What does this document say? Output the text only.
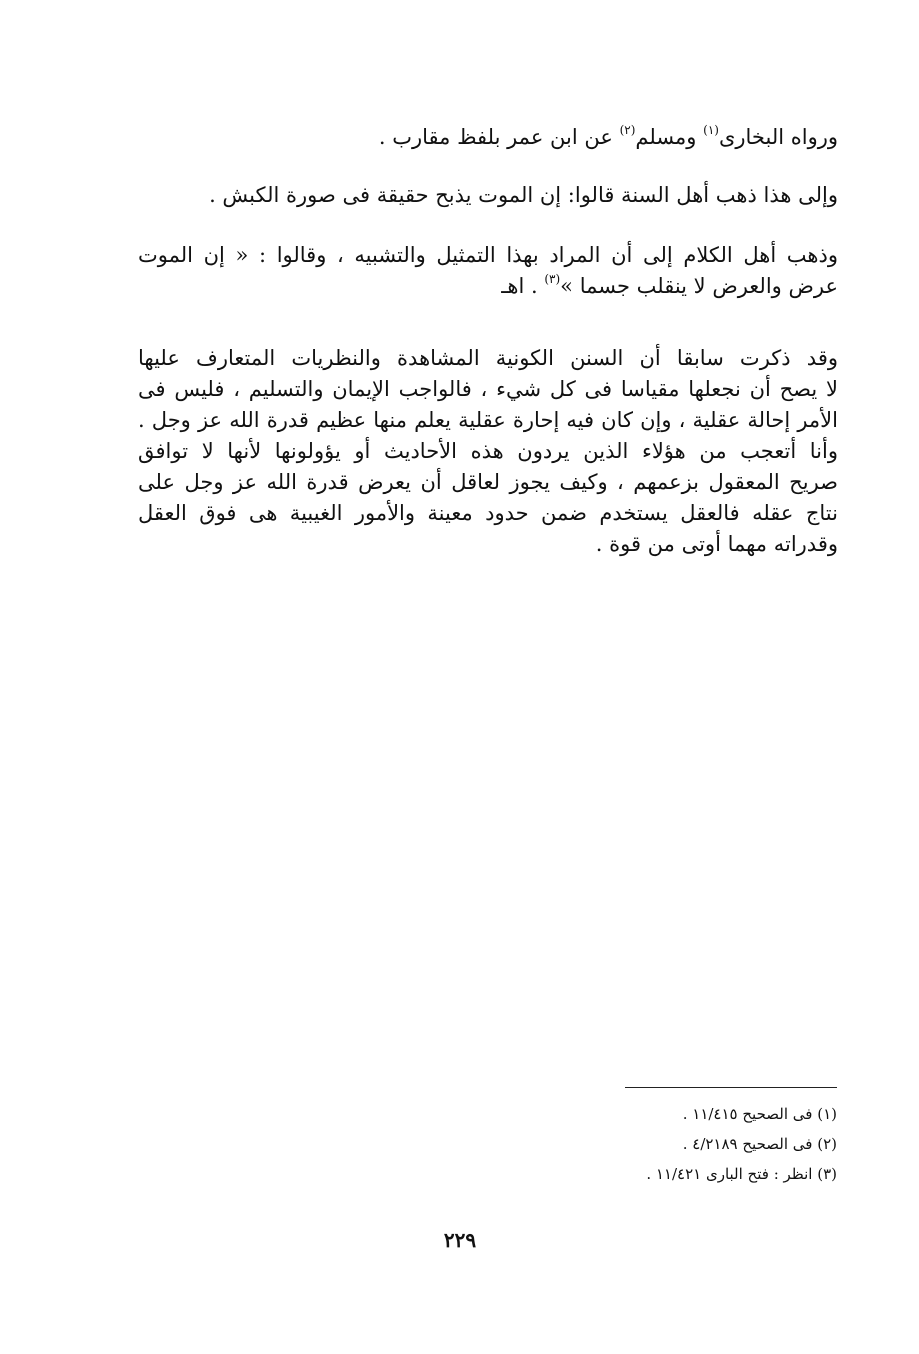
ورواه البخارى$^{(١)}$ ومسلم$^{(٢)}$ عن ابن عمر بلفظ مقارب .

وإلى هذا ذهب أهل السنة قالوا: إن الموت يذبح حقيقة فى صورة الكبش .

وذهب أهل الكلام إلى أن المراد بهذا التمثيل والتشبيه ، وقالوا : « إن الموت عرض والعرض لا ينقلب جسما »$^{(٣)}$ . اهـ

وقد ذكرت سابقا أن السنن الكونية المشاهدة والنظريات المتعارف عليها
لا يصح أن نجعلها مقياسا فى كل شيء ، فالواجب الإيمان والتسليم ، فليس فى
الأمر إحالة عقلية ، وإن كان فيه إحارة عقلية يعلم منها عظيم قدرة الله عز وجل .
وأنا أتعجب من هؤلاء الذين يردون هذه الأحاديث أو يؤولونها لأنها لا توافق
صريح المعقول بزعمهم ، وكيف يجوز لعاقل أن يعرض قدرة الله عز وجل على
نتاج عقله فالعقل يستخدم ضمن حدود معينة والأمور الغيبية هى فوق العقل
وقدراته مهما أوتى من قوة .

(١) فى الصحيح ١١/٤١٥ .
(٢) فى الصحيح ٤/٢١٨٩ .
(٣) انظر : فتح البارى ١١/٤٢١ .
٢٢٩
